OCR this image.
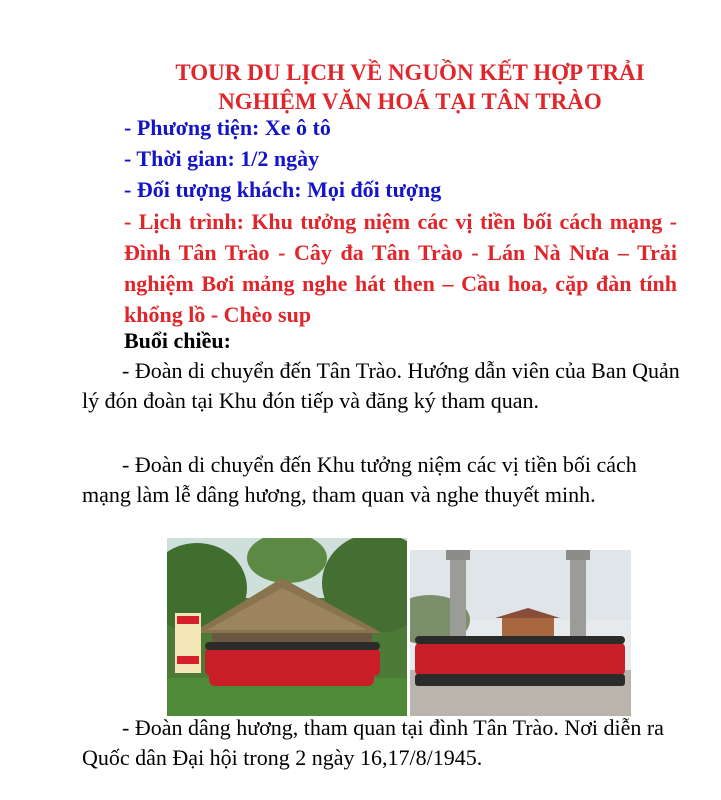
TOUR DU LỊCH VỀ NGUỒN KẾT HỢP TRẢI
NGHIỆM VĂN HOÁ TẠI TÂN TRÀO
- Phương tiện: Xe ô tô
- Thời gian: 1/2 ngày
- Đối tượng khách: Mọi đối tượng
- Lịch trình: Khu tưởng niệm các vị tiền bối cách mạng - Đình Tân Trào - Cây đa Tân Trào - Lán Nà Nưa – Trải nghiệm Bơi mảng nghe hát then – Cầu hoa, cặp đàn tính khổng lồ - Chèo sup
Buổi chiều:
- Đoàn di chuyển đến Tân Trào. Hướng dẫn viên của Ban Quản lý đón đoàn tại Khu đón tiếp và đăng ký tham quan.
- Đoàn di chuyển đến Khu tưởng niệm các vị tiền bối cách mạng làm lễ dâng hương, tham quan và nghe thuyết minh.
- Đoàn dâng hương, tham quan tại đình Tân Trào. Nơi diễn ra Quốc dân Đại hội trong 2 ngày 16,17/8/1945.
